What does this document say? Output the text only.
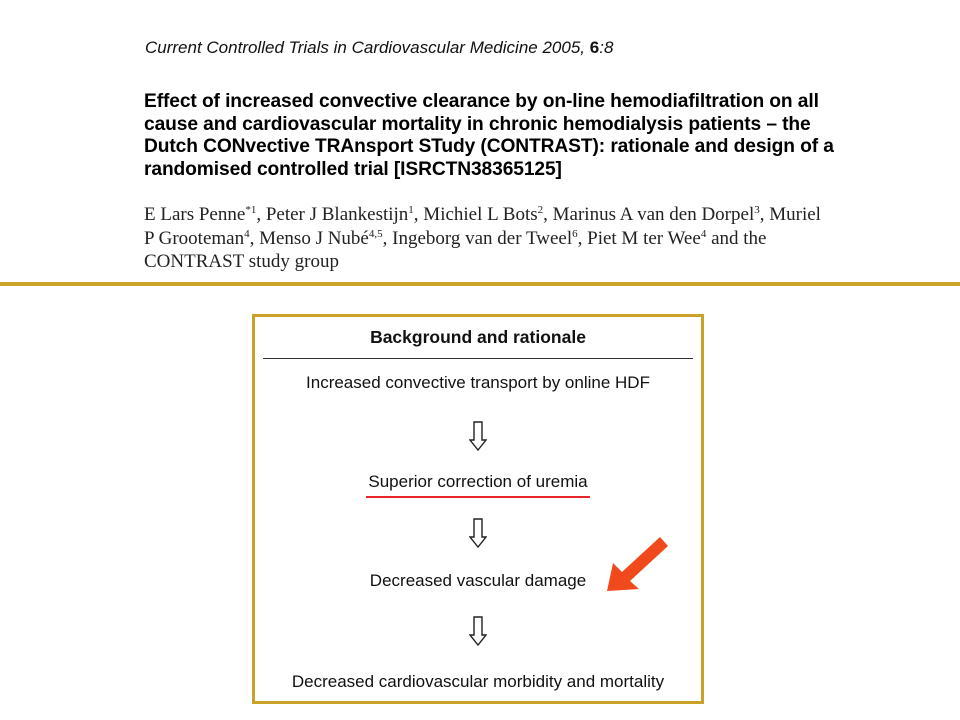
Current Controlled Trials in Cardiovascular Medicine 2005, 6:8
Effect of increased convective clearance by on-line hemodiafiltration on all cause and cardiovascular mortality in chronic hemodialysis patients – the Dutch CONvective TRAnsport STudy (CONTRAST): rationale and design of a randomised controlled trial [ISRCTN38365125]
E Lars Penne$^{*1}$, Peter J Blankestijn$^1$, Michiel L Bots$^2$, Marinus A van den Dorpel$^3$, Muriel P Grooteman$^4$, Menso J Nubé$^{4,5}$, Ingeborg van der Tweel$^6$, Piet M ter Wee$^4$ and the CONTRAST study group
Background and rationale
Increased convective transport by online HDF
Superior correction of uremia
Decreased vascular damage
Decreased cardiovascular morbidity and mortality
